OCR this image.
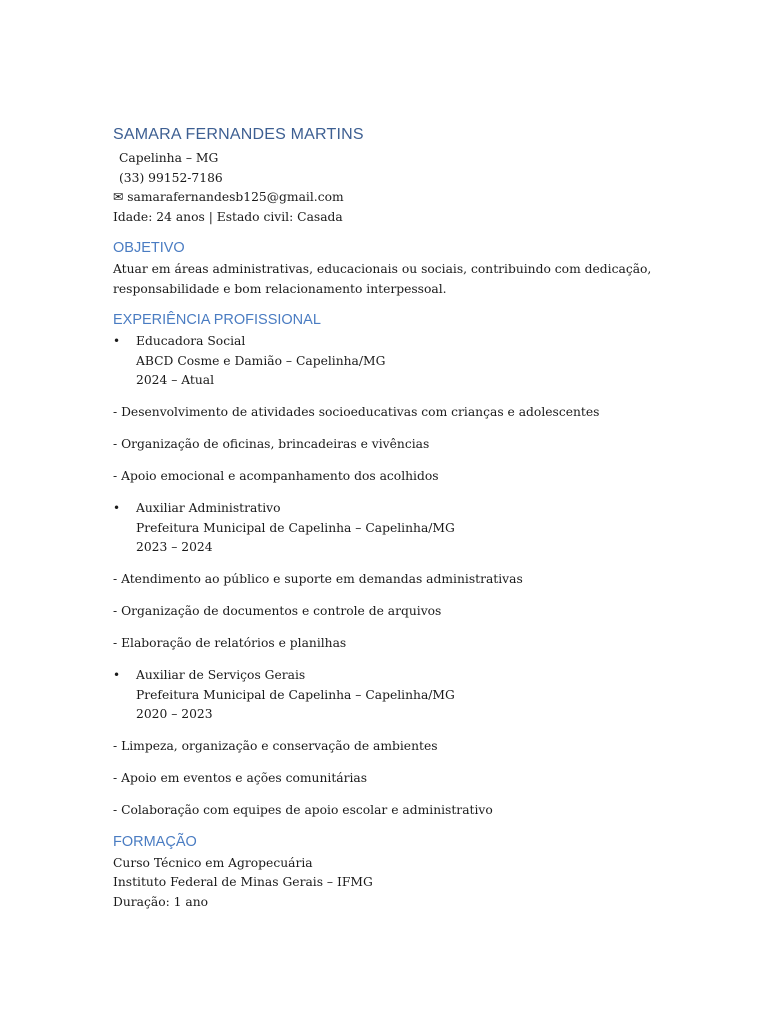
SAMARA FERNANDES MARTINS
Capelinha – MG
(33) 99152-7186
✉ samarafernandesb125@gmail.com
Idade: 24 anos | Estado civil: Casada
OBJETIVO
Atuar em áreas administrativas, educacionais ou sociais, contribuindo com dedicação,
responsabilidade e bom relacionamento interpessoal.
EXPERIÊNCIA PROFISSIONAL
• Educadora Social
ABCD Cosme e Damião – Capelinha/MG
2024 – Atual
- Desenvolvimento de atividades socioeducativas com crianças e adolescentes
- Organização de oficinas, brincadeiras e vivências
- Apoio emocional e acompanhamento dos acolhidos
• Auxiliar Administrativo
Prefeitura Municipal de Capelinha – Capelinha/MG
2023 – 2024
- Atendimento ao público e suporte em demandas administrativas
- Organização de documentos e controle de arquivos
- Elaboração de relatórios e planilhas
• Auxiliar de Serviços Gerais
Prefeitura Municipal de Capelinha – Capelinha/MG
2020 – 2023
- Limpeza, organização e conservação de ambientes
- Apoio em eventos e ações comunitárias
- Colaboração com equipes de apoio escolar e administrativo
FORMAÇÃO
Curso Técnico em Agropecuária
Instituto Federal de Minas Gerais – IFMG
Duração: 1 ano
